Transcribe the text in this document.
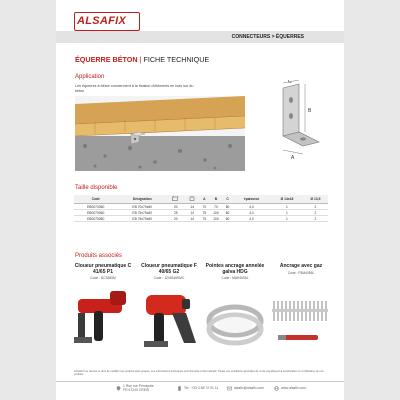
ALSAFIX
CONNECTEURS > ÉQUERRES
ÉQUERRE BÉTON | FICHE TECHNIQUE
Application
Les équerres à béton conviennent à la fixation d'éléments en bois sur du béton
C
B
A
Taille disponible
Code	Désignation			A	B	C	épaisseur	Ø 14x18	Ø 13,5
EB0070060	EB 70x70x60	20	14	70	70	60	4,0	1	2
EB0070060	EB 75x75x60	25	14	75	100	60	4,0	1	2
EB0075060	EB 75x75x60	20	14	75	100	60	4,0	1	2
Produits associés
Cloueur pneumatique C 41/65 P1
Code : DC3365M
Cloueur pneumatique F 40/65 G2
Code : 1249346SMC
Pointes ancrage annelée galva HDG
Code : MAH4055L
Ancrage avec gaz
Code : P3M4055L
ALSAFIX se réserve le droit de modifier ses produits sans préavis. Les informations techniques sont données à titre indicatif. Toutes nos conditions générales de vente s'appliquent à la fabrication et à l'utilisation de nos produits.
1 Rue rue Principale
FR 67240 CREIS
Tel : +33 3 88 72 91 11	alsafix@alsafix.com	www.alsafix.com
